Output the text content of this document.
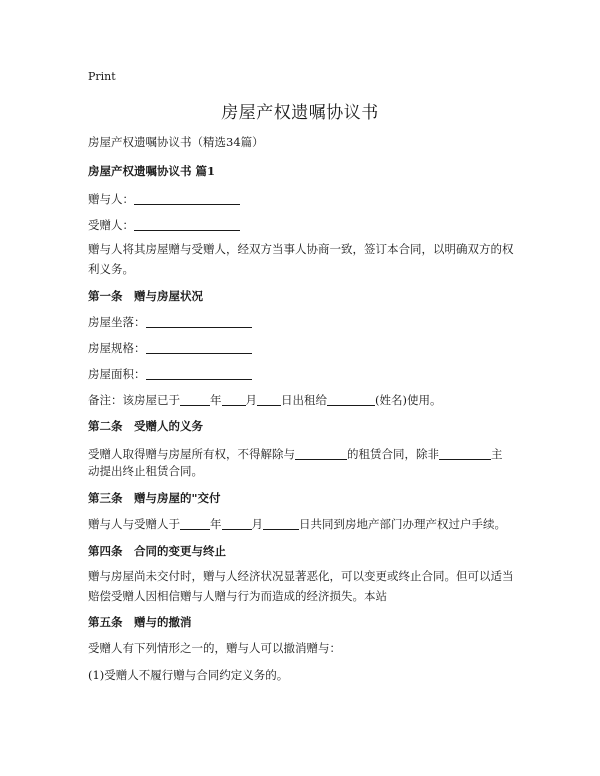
Print
房屋产权遗嘱协议书
房屋产权遗嘱协议书（精选34篇）
房屋产权遗嘱协议书 篇1
赠与人：
受赠人：
赠与人将其房屋赠与受赠人，经双方当事人协商一致，签订本合同，以明确双方的权利义务。
第一条　赠与房屋状况
房屋坐落：
房屋规格：
房屋面积：
备注：该房屋已于	年 月 日出租给	(姓名)使用。
第二条　受赠人的义务
受赠人取得赠与房屋所有权，不得解除与	的租赁合同，除非	主
动提出终止租赁合同。
第三条　赠与房屋的"交付
赠与人与受赠人于	年	月	日共同到房地产部门办理产权过户手续。
第四条　合同的变更与终止
赠与房屋尚未交付时，赠与人经济状况显著恶化，可以变更或终止合同。但可以适当赔偿受赠人因相信赠与人赠与行为而造成的经济损失。本站
第五条　赠与的撤消
受赠人有下列情形之一的，赠与人可以撤消赠与：
(1)受赠人不履行赠与合同约定义务的。
